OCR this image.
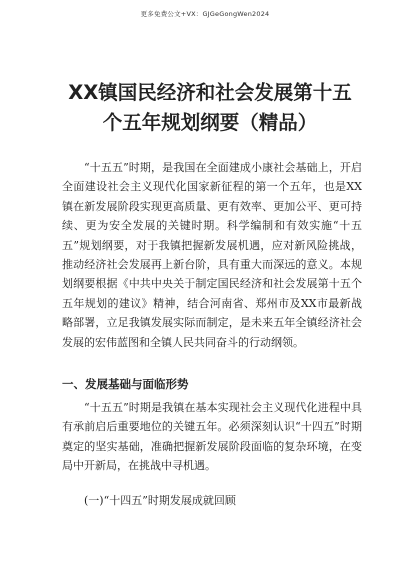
更多免费公文+VX：GJGeGongWen2024
XX镇国民经济和社会发展第十五个五年规划纲要（精品）

“十五五”时期，是我国在全面建成小康社会基础上，开启全面建设社会主义现代化国家新征程的第一个五年，也是XX镇在新发展阶段实现更高质量、更有效率、更加公平、更可持续、更为安全发展的关键时期。科学编制和有效实施“十五五”规划纲要，对于我镇把握新发展机遇，应对新风险挑战，推动经济社会发展再上新台阶，具有重大而深远的意义。本规划纲要根据《中共中央关于制定国民经济和社会发展第十五个五年规划的建议》精神，结合河南省、郑州市及XX市最新战略部署，立足我镇发展实际而制定，是未来五年全镇经济社会发展的宏伟蓝图和全镇人民共同奋斗的行动纲领。

一、发展基础与面临形势

“十五五”时期是我镇在基本实现社会主义现代化进程中具有承前启后重要地位的关键五年。必须深刻认识“十四五”时期奠定的坚实基础，准确把握新发展阶段面临的复杂环境，在变局中开新局，在挑战中寻机遇。

(一)“十四五”时期发展成就回顾
